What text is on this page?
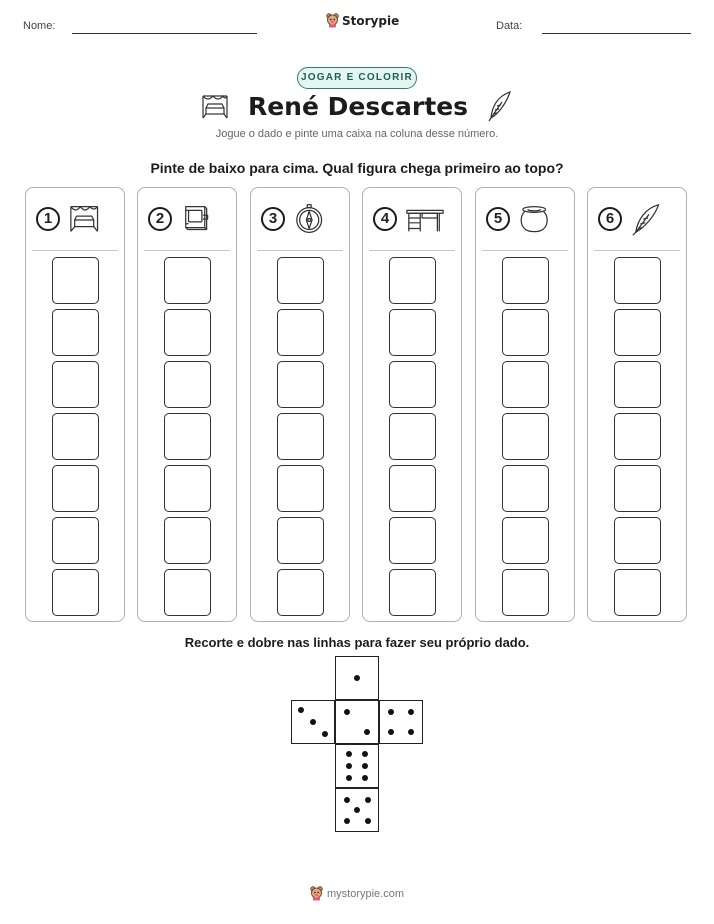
Nome:	Storypie	Data:
JOGAR E COLORIR
René Descartes
Jogue o dado e pinte uma caixa na coluna desse número.
Pinte de baixo para cima. Qual figura chega primeiro ao topo?
1	2	3	4	5	6
Recorte e dobre nas linhas para fazer seu próprio dado.
mystorypie.com
